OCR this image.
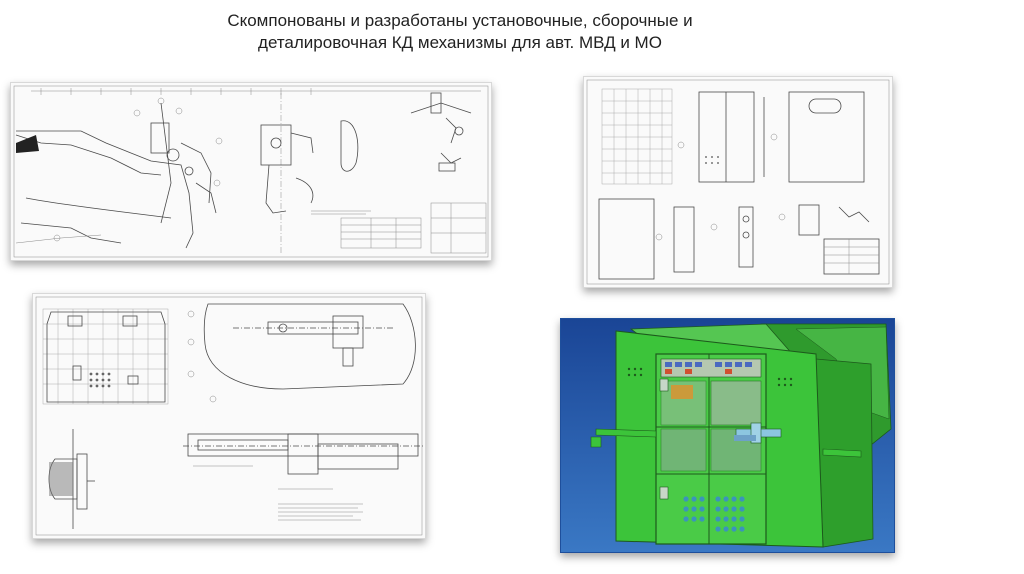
Скомпонованы и разработаны установочные, сборочные и
деталировочная КД механизмы для авт. МВД и МО
